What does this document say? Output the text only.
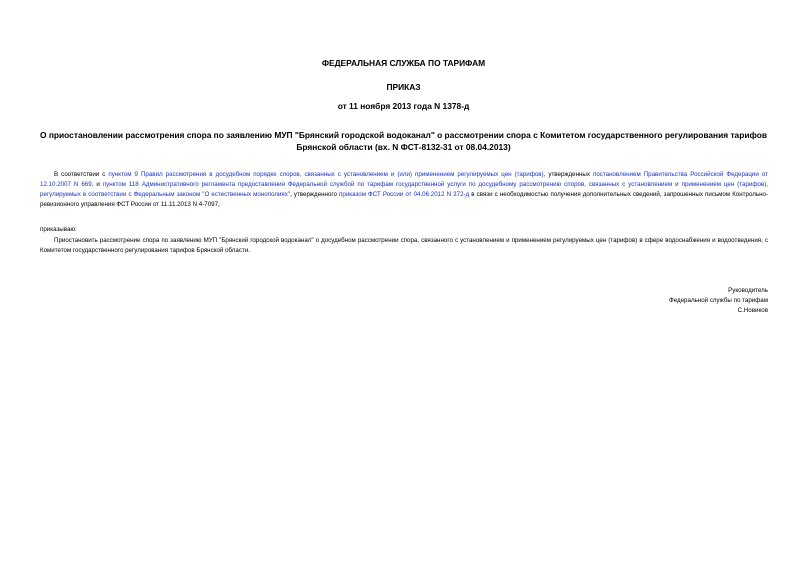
ФЕДЕРАЛЬНАЯ СЛУЖБА ПО ТАРИФАМ
ПРИКАЗ
от 11 ноября 2013 года N 1378-д
О приостановлении рассмотрения спора по заявлению МУП "Брянский городской водоканал" о рассмотрении спора с Комитетом государственного регулирования тарифов Брянской области (вх. N ФСТ-8132-31 от 08.04.2013)
В соответствии с пунктом 9 Правил рассмотрения в досудебном порядке споров, связанных с установлением и (или) применением регулируемых цен (тарифов), утвержденных постановлением Правительства Российской Федерации от 12.10.2007 N 669, и пунктом 118 Административного регламента предоставления Федеральной службой по тарифам государственной услуги по досудебному рассмотрению споров, связанных с установлением и применением цен (тарифов), регулируемых в соответствии с Федеральным законом "О естественных монополиях", утвержденного приказом ФСТ России от 04.06.2012 N 372-д в связи с необходимостью получения дополнительных сведений, запрошенных письмом Контрольно-ревизионного управления ФСТ России от 11.11.2013 N 4-7097,
приказываю:
Приостановить рассмотрение спора по заявлению МУП "Брянский городской водоканал" о досудебном рассмотрении спора, связанного с установлением и применением регулируемых цен (тарифов) в сфере водоснабжения и водоотведения, с Комитетом государственного регулирования тарифов Брянской области.
Руководитель
Федеральной службы по тарифам
С.Новиков
